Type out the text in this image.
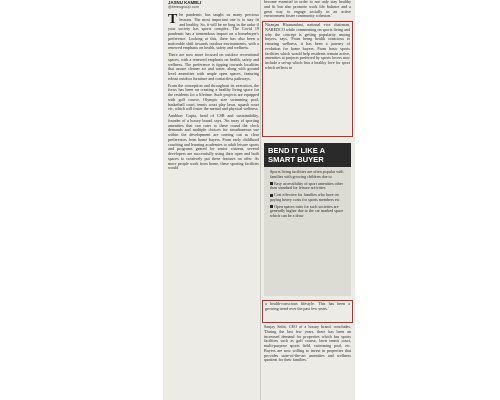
JASNU KAMBLI
@timesgroup.com

The pandemic has taught us many precious lessons. The most important one is to stay fit and healthy. So, it will be no long in the radar if your society has sports complex. The Covid 19 pandemic has a tremendous impact on a homebuyer's preference. Looking at this, there has also been a noticeable shift towards outdoor environments, with a renewed emphasis on health, safety and wellness.

There are now more focused on outdoor recreational spaces, with a renewed emphasis on health, safety and wellness. The preference is tipping towards localities that assure cleaner air and water, along with ground level amenities with ample open spaces, featuring robust outdoor furniture and contactless pathways.

From the conception and throughout its execution, the focus has been on creating a healthy living space for the residents for a lifetime. Such projects are equipped with golf course, Olympic size swimming pool, basketball court, tennis court play lawn, squash court etc, which will foster the mental and physical wellness.

Anubhav Gupta, head of CSR and sustainability, founder of a luxury brand, says, 'An array of sporting amenities that can cater to these round the clock demands and multiple choices for simultaneous use within the development are coming out as clear preferences from home buyers. From early childhood coaching and learning academies to adult leisure sports and programs geared for senior citizens, several developers are successfully using their open and built spaces to creatively put these features on offer. As more people work from home, these sporting facilities would

become essential in order to not only stay healthy and fit but also promote work life balance and a great way to engage socially in an active environment foster community cohesion.'

Niranjan Hiranandani, national vice chairman, NAREDCO while commenting on sports living and why the concept is getting popularity among buyers, says, 'From being health conscious to ensuring wellness, it has been a journey of evolution for home buyers. From basic sports facilities which would help residents remain active, amenities at projects preferred by sports lovers now include a set-up which lists a healthy love for sport which reflects in
BEND IT LIKE A SMART BUYER

Sports living facilities are often popular with families with growing children due to

Easy accessibility of sport amenities other than standard for leisure activities

Cost effective for families who have on paying heavy costs for sports members etc

Open spaces ratio for such societies are generally higher due to the car marked space which can be a draw

a health-conscious lifestyle. This has been a growing trend over the past few years.'

Sanjay Sethi, CEO of a luxury brand, concludes, 'During the last few years, there has been an increased demand for properties which has sports facilities such as golf course, lawn tennis court, multi-purpose sports field, swimming pool, etc. Buyers are now willing to invest in properties that provides state-of-the-art amenities and wellness quotient for their families.'
